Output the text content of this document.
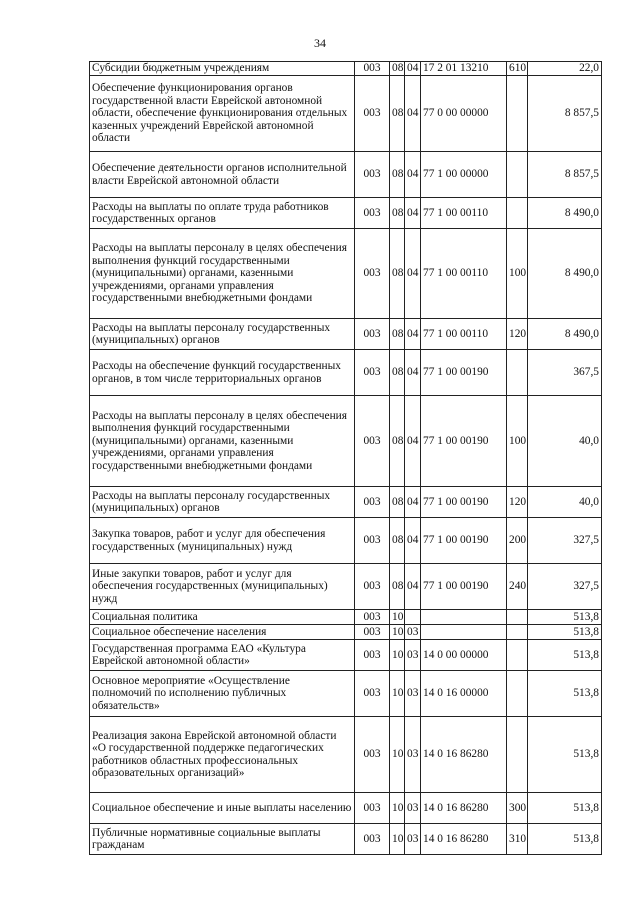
34
Субсидии бюджетным учреждениям	003	08	04	17 2 01 13210	610	22,0
Обеспечение функционирования органов государственной власти Еврейской автономной области, обеспечение функционирования отдельных казенных учреждений Еврейской автономной области	003	08	04	77 0 00 00000		8 857,5
Обеспечение деятельности органов исполнительной власти Еврейской автономной области	003	08	04	77 1 00 00000		8 857,5
Расходы на выплаты по оплате труда работников государственных органов	003	08	04	77 1 00 00110		8 490,0
Расходы на выплаты персоналу в целях обеспечения выполнения функций государственными (муниципальными) органами, казенными учреждениями, органами управления государственными внебюджетными фондами	003	08	04	77 1 00 00110	100	8 490,0
Расходы на выплаты персоналу государственных (муниципальных) органов	003	08	04	77 1 00 00110	120	8 490,0
Расходы на обеспечение функций государственных органов, в том числе территориальных органов	003	08	04	77 1 00 00190		367,5
Расходы на выплаты персоналу в целях обеспечения выполнения функций государственными (муниципальными) органами, казенными учреждениями, органами управления государственными внебюджетными фондами	003	08	04	77 1 00 00190	100	40,0
Расходы на выплаты персоналу государственных (муниципальных) органов	003	08	04	77 1 00 00190	120	40,0
Закупка товаров, работ и услуг для обеспечения государственных (муниципальных) нужд	003	08	04	77 1 00 00190	200	327,5
Иные закупки товаров, работ и услуг для обеспечения государственных (муниципальных) нужд	003	08	04	77 1 00 00190	240	327,5
Социальная политика	003	10				513,8
Социальное обеспечение населения	003	10	03			513,8
Государственная программа ЕАО «Культура Еврейской автономной области»	003	10	03	14 0 00 00000		513,8
Основное мероприятие «Осуществление полномочий по исполнению публичных обязательств»	003	10	03	14 0 16 00000		513,8
Реализация закона Еврейской автономной области «О государственной поддержке педагогических работников областных профессиональных образовательных организаций»	003	10	03	14 0 16 86280		513,8
Социальное обеспечение и иные выплаты населению	003	10	03	14 0 16 86280	300	513,8
Публичные нормативные социальные выплаты гражданам	003	10	03	14 0 16 86280	310	513,8
